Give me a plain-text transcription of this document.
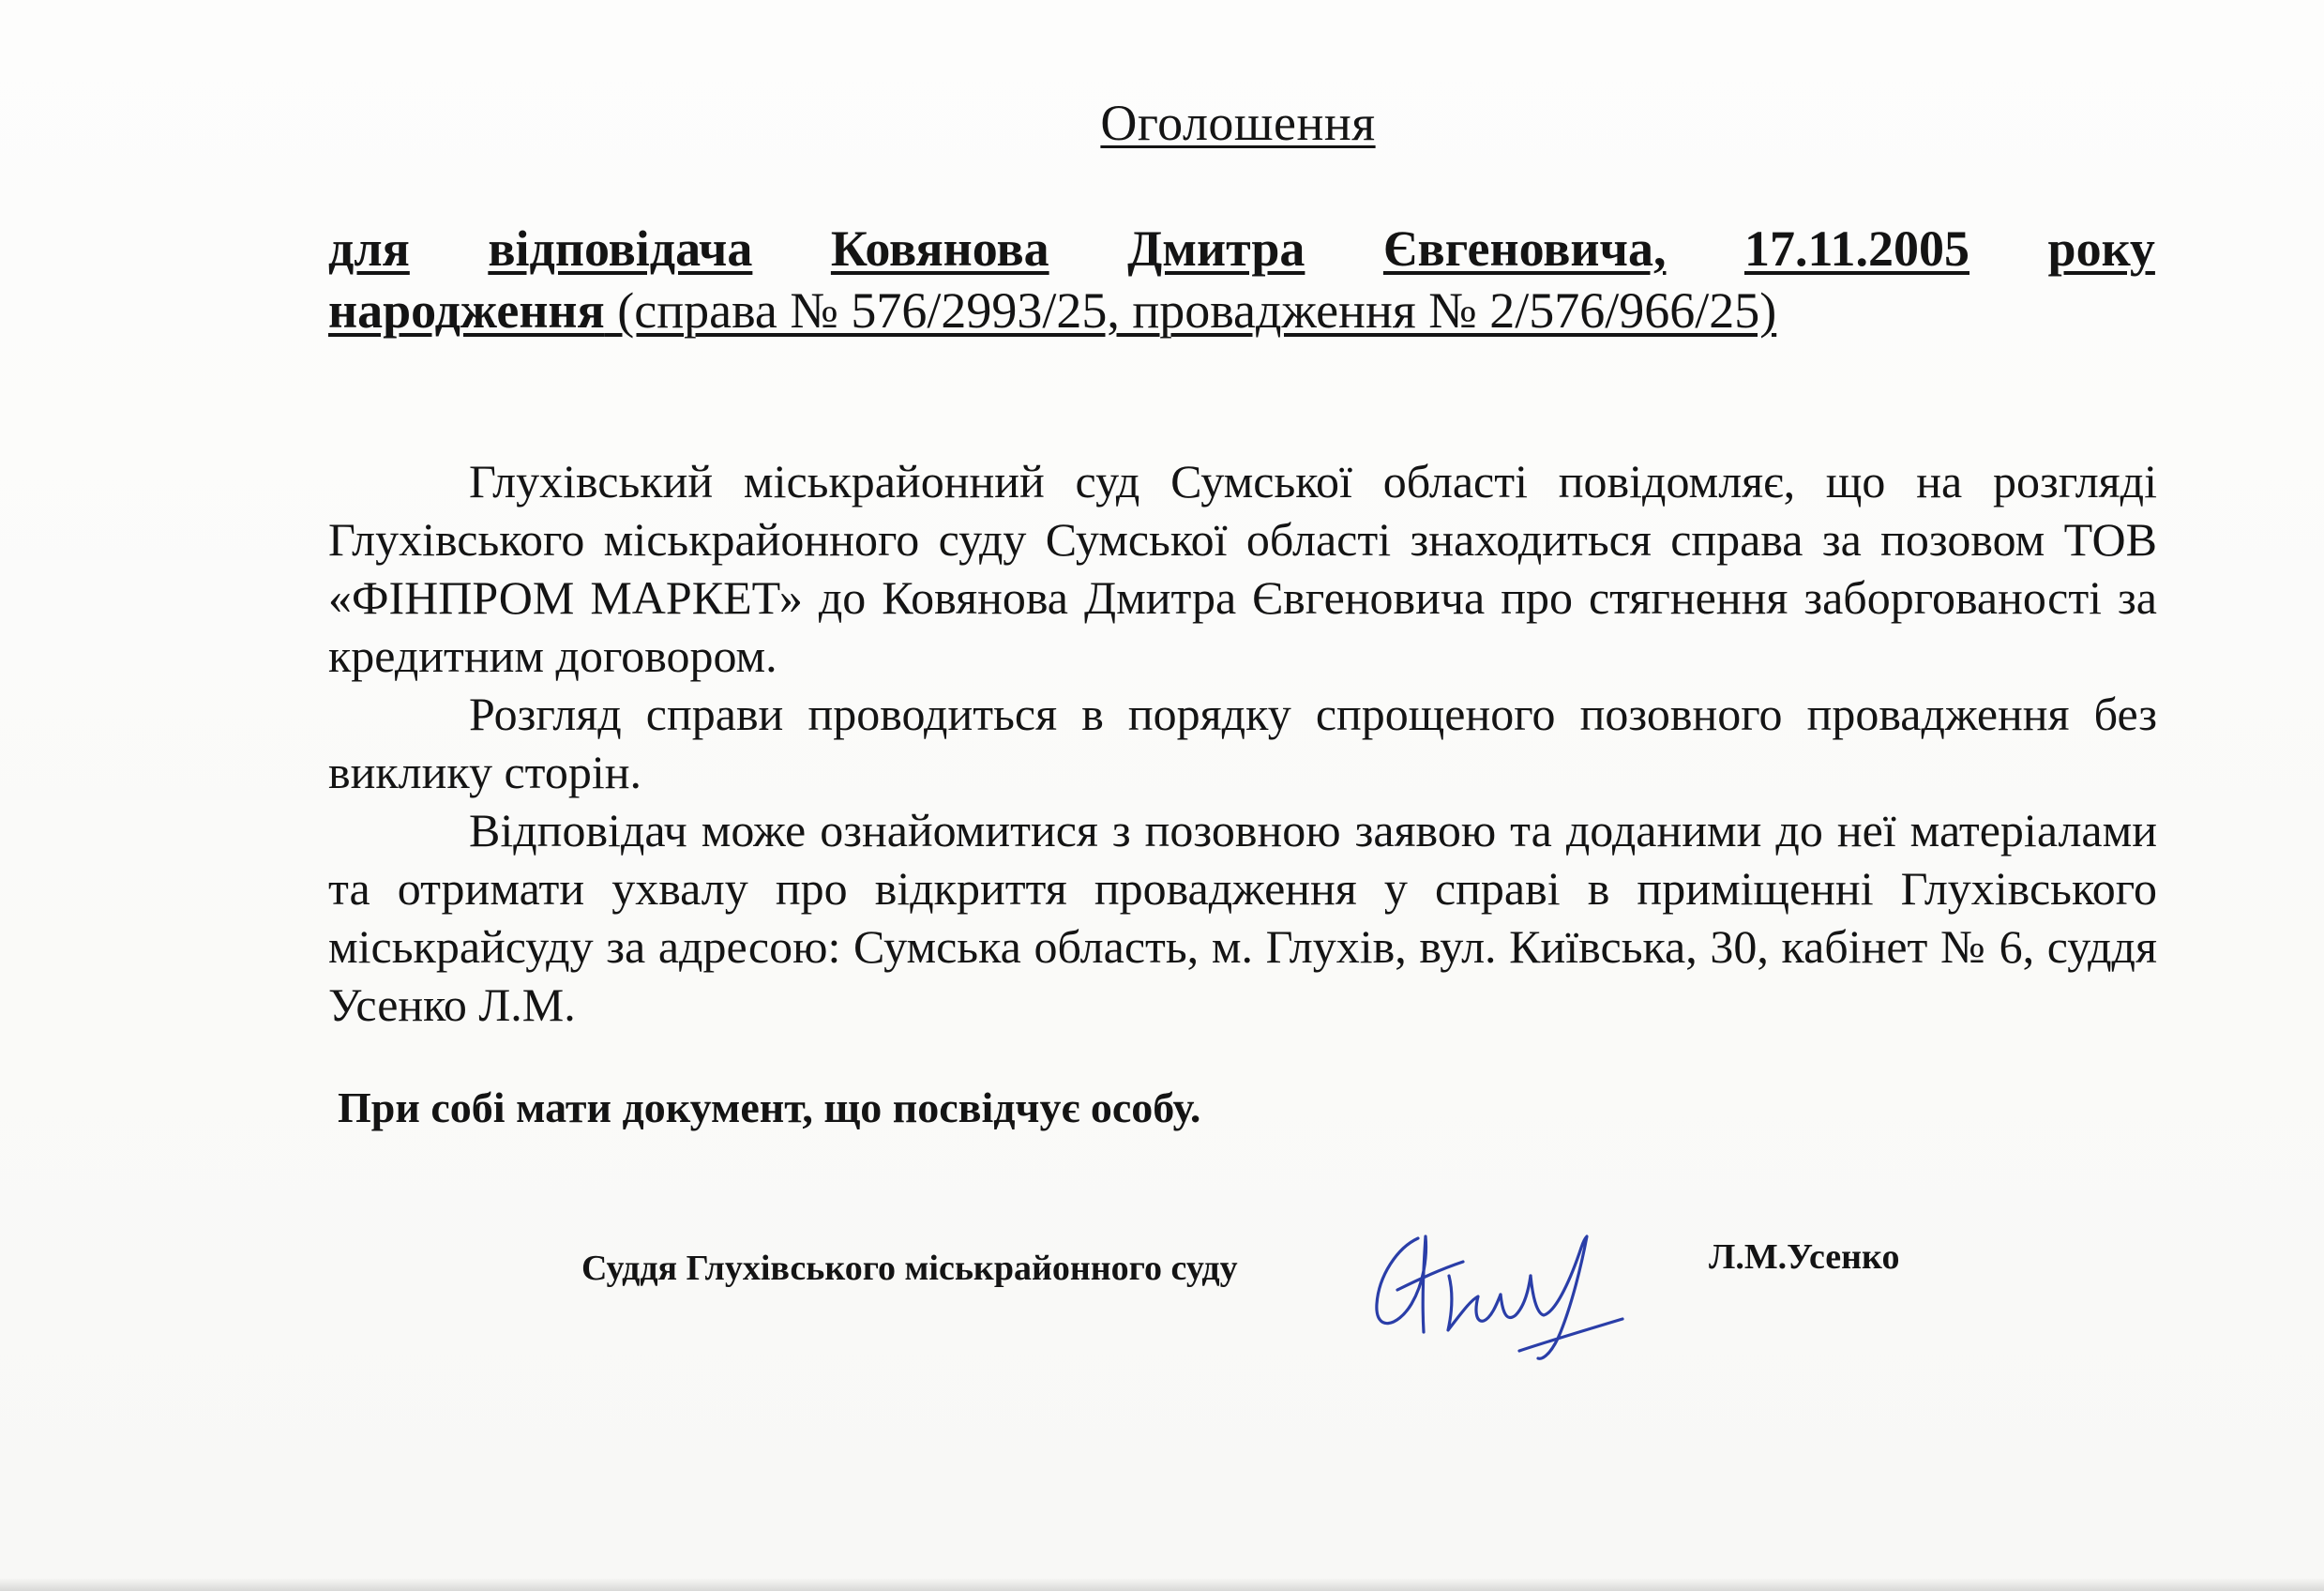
Оголошення
для відповідача Ковянова Дмитра Євгеновича, 17.11.2005 року
народження (справа № 576/2993/25, провадження № 2/576/966/25)

Глухівський міськрайонний суд Сумської області повідомляє, що на розгляді Глухівського міськрайонного суду Сумської області знаходиться справа за позовом ТОВ «ФІНПРОМ МАРКЕТ» до Ковянова Дмитра Євгеновича про стягнення заборгованості за кредитним договором.

Розгляд справи проводиться в порядку спрощеного позовного провадження без виклику сторін.

Відповідач може ознайомитися з позовною заявою та доданими до неї матеріалами та отримати ухвалу про відкриття провадження у справі в приміщенні Глухівського міськрайсуду за адресою: Сумська область, м. Глухів, вул. Київська, 30, кабінет № 6, суддя Усенко Л.М.

При собі мати документ, що посвідчує особу.
Суддя Глухівського міськрайонного суду	Л.М.Усенко
